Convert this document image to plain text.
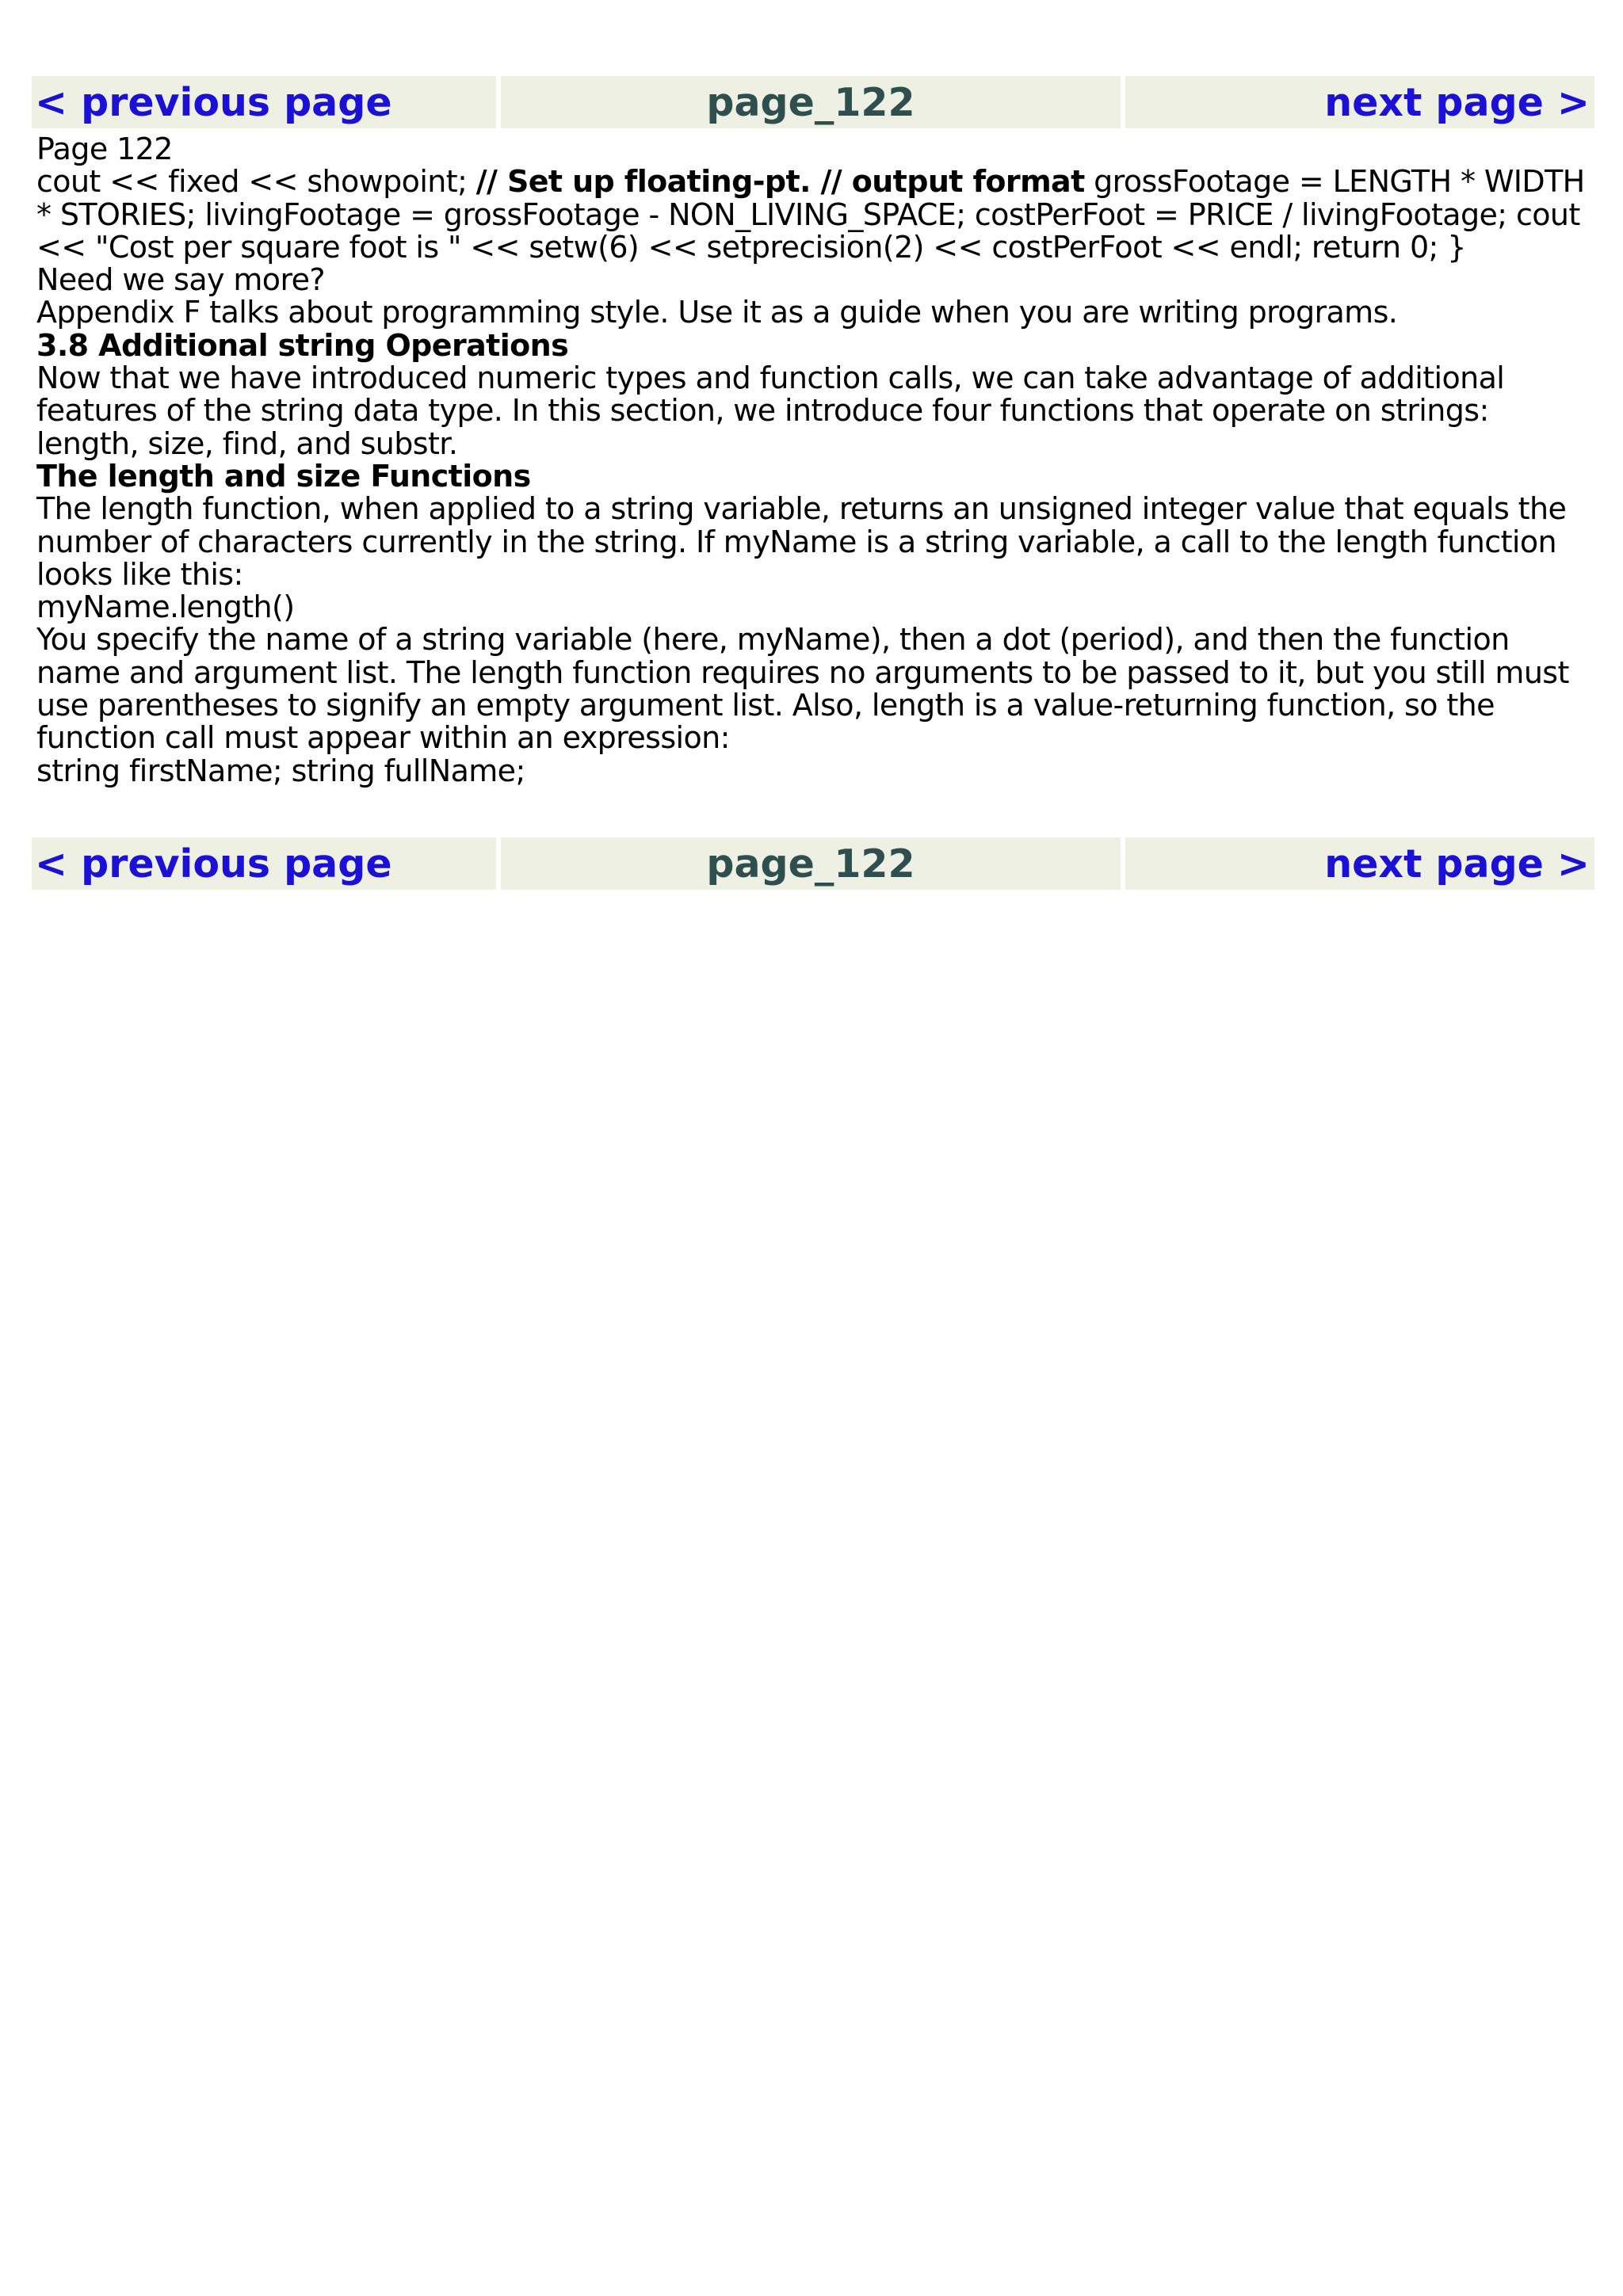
< previous page	page_122	next page >

Page 122

cout << fixed << showpoint; // Set up floating-pt. // output format grossFootage = LENGTH * WIDTH * STORIES; livingFootage = grossFootage - NON_LIVING_SPACE; costPerFoot = PRICE / livingFootage; cout << "Cost per square foot is " << setw(6) << setprecision(2) << costPerFoot << endl; return 0; }

Need we say more?

Appendix F talks about programming style. Use it as a guide when you are writing programs.

3.8 Additional string Operations

Now that we have introduced numeric types and function calls, we can take advantage of additional features of the string data type. In this section, we introduce four functions that operate on strings: length, size, find, and substr.

The length and size Functions

The length function, when applied to a string variable, returns an unsigned integer value that equals the number of characters currently in the string. If myName is a string variable, a call to the length function looks like this:

myName.length()

You specify the name of a string variable (here, myName), then a dot (period), and then the function name and argument list. The length function requires no arguments to be passed to it, but you still must use parentheses to signify an empty argument list. Also, length is a value-returning function, so the function call must appear within an expression:

string firstName; string fullName;

< previous page	page_122	next page >
